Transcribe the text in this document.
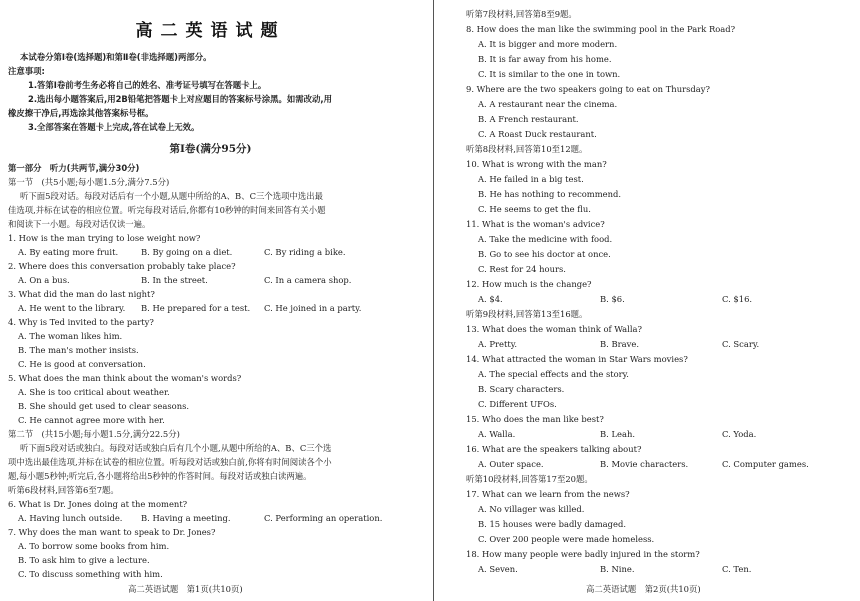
高二英语试题
本试卷分第Ⅰ卷(选择题)和第Ⅱ卷(非选择题)两部分。
注意事项:
1.答第Ⅰ卷前考生务必将自己的姓名、准考证号填写在答题卡上。
2.选出每小题答案后,用2B铅笔把答题卡上对应题目的答案标号涂黑。如需改动,用
橡皮擦干净后,再选涂其他答案标号框。
3.全部答案在答题卡上完成,答在试卷上无效。
第Ⅰ卷(满分95分)
第一部分　听力(共两节,满分30分)
第一节　(共5小题;每小题1.5分,满分7.5分)
听下面5段对话。每段对话后有一个小题,从题中所给的A、B、C三个选项中选出最
佳选项,并标在试卷的相应位置。听完每段对话后,你都有10秒钟的时间来回答有关小题
和阅读下一小题。每段对话仅读一遍。
1. How is the man trying to lose weight now?
A. By eating more fruit.	B. By going on a diet.	C. By riding a bike.
2. Where does this conversation probably take place?
A. On a bus.	B. In the street.	C. In a camera shop.
3. What did the man do last night?
A. He went to the library. B. He prepared for a test. C. He joined in a party.
4. Why is Ted invited to the party?
A. The woman likes him.
B. The man's mother insists.
C. He is good at conversation.
5. What does the man think about the woman's words?
A. She is too critical about weather.
B. She should get used to clear seasons.
C. He cannot agree more with her.
第二节　(共15小题;每小题1.5分,满分22.5分)
听下面5段对话或独白。每段对话或独白后有几个小题,从题中所给的A、B、C三个选
项中选出最佳选项,并标在试卷的相应位置。听每段对话或独白前,你将有时间阅读各个小
题,每小题5秒钟;听完后,各小题将给出5秒钟的作答时间。每段对话或独白读两遍。
听第6段材料,回答第6至7题。
6. What is Dr. Jones doing at the moment?
A. Having lunch outside. B. Having a meeting.	C. Performing an operation.
7. Why does the man want to speak to Dr. Jones?
A. To borrow some books from him.
B. To ask him to give a lecture.
C. To discuss something with him.
高二英语试题　第1页(共10页)
听第7段材料,回答第8至9题。
8. How does the man like the swimming pool in the Park Road?
A. It is bigger and more modern.
B. It is far away from his home.
C. It is similar to the one in town.
9. Where are the two speakers going to eat on Thursday?
A. A restaurant near the cinema.
B. A French restaurant.
C. A Roast Duck restaurant.
听第8段材料,回答第10至12题。
10. What is wrong with the man?
A. He failed in a big test.
B. He has nothing to recommend.
C. He seems to get the flu.
11. What is the woman's advice?
A. Take the medicine with food.
B. Go to see his doctor at once.
C. Rest for 24 hours.
12. How much is the change?
A. $4.	B. $6.	C. $16.
听第9段材料,回答第13至16题。
13. What does the woman think of Walla?
A. Pretty.	B. Brave.	C. Scary.
14. What attracted the woman in Star Wars movies?
A. The special effects and the story.
B. Scary characters.
C. Different UFOs.
15. Who does the man like best?
A. Walla.	B. Leah.	C. Yoda.
16. What are the speakers talking about?
A. Outer space.	B. Movie characters.	C. Computer games.
听第10段材料,回答第17至20题。
17. What can we learn from the news?
A. No villager was killed.
B. 15 houses were badly damaged.
C. Over 200 people were made homeless.
18. How many people were badly injured in the storm?
A. Seven.	B. Nine.	C. Ten.
高二英语试题　第2页(共10页)
